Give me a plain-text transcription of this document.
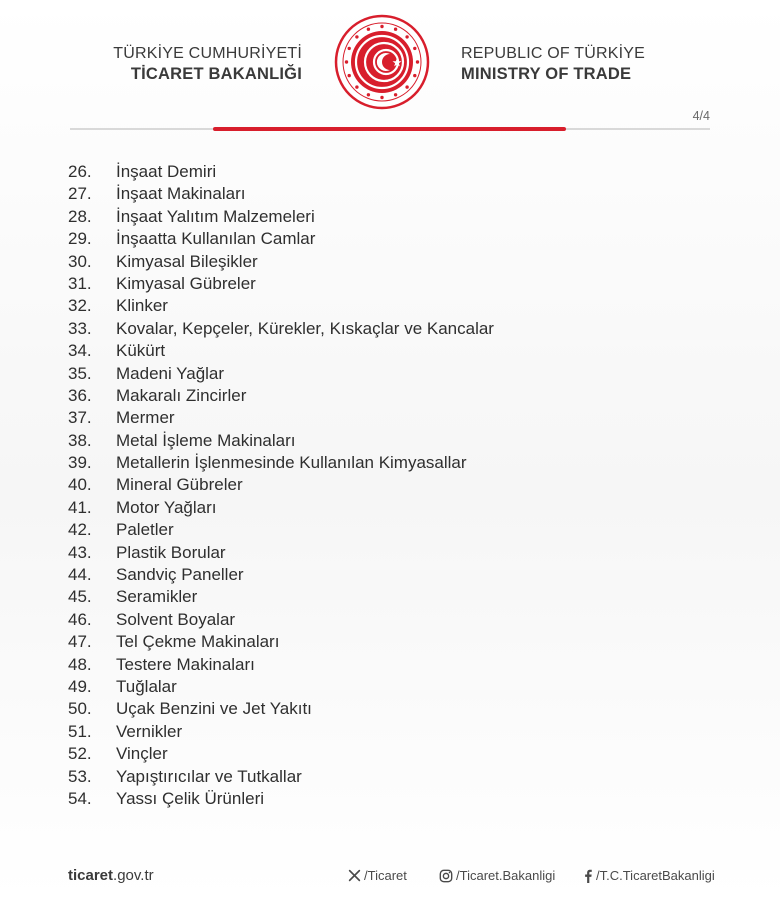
TÜRKİYE CUMHURİYETİ
TİCARET BAKANLIĞI
REPUBLIC OF TÜRKİYE
MINISTRY OF TRADE
4/4
26. İnşaat Demiri
27. İnşaat Makinaları
28. İnşaat Yalıtım Malzemeleri
29. İnşaatta Kullanılan Camlar
30. Kimyasal Bileşikler
31. Kimyasal Gübreler
32. Klinker
33. Kovalar, Kepçeler, Kürekler, Kıskaçlar ve Kancalar
34. Kükürt
35. Madeni Yağlar
36. Makaralı Zincirler
37. Mermer
38. Metal İşleme Makinaları
39. Metallerin İşlenmesinde Kullanılan Kimyasallar
40. Mineral Gübreler
41. Motor Yağları
42. Paletler
43. Plastik Borular
44. Sandviç Paneller
45. Seramikler
46. Solvent Boyalar
47. Tel Çekme Makinaları
48. Testere Makinaları
49. Tuğlalar
50. Uçak Benzini ve Jet Yakıtı
51. Vernikler
52. Vinçler
53. Yapıştırıcılar ve Tutkallar
54. Yassı Çelik Ürünleri
ticaret.gov.tr	/Ticaret	/Ticaret.Bakanligi	/T.C.TicaretBakanligi
